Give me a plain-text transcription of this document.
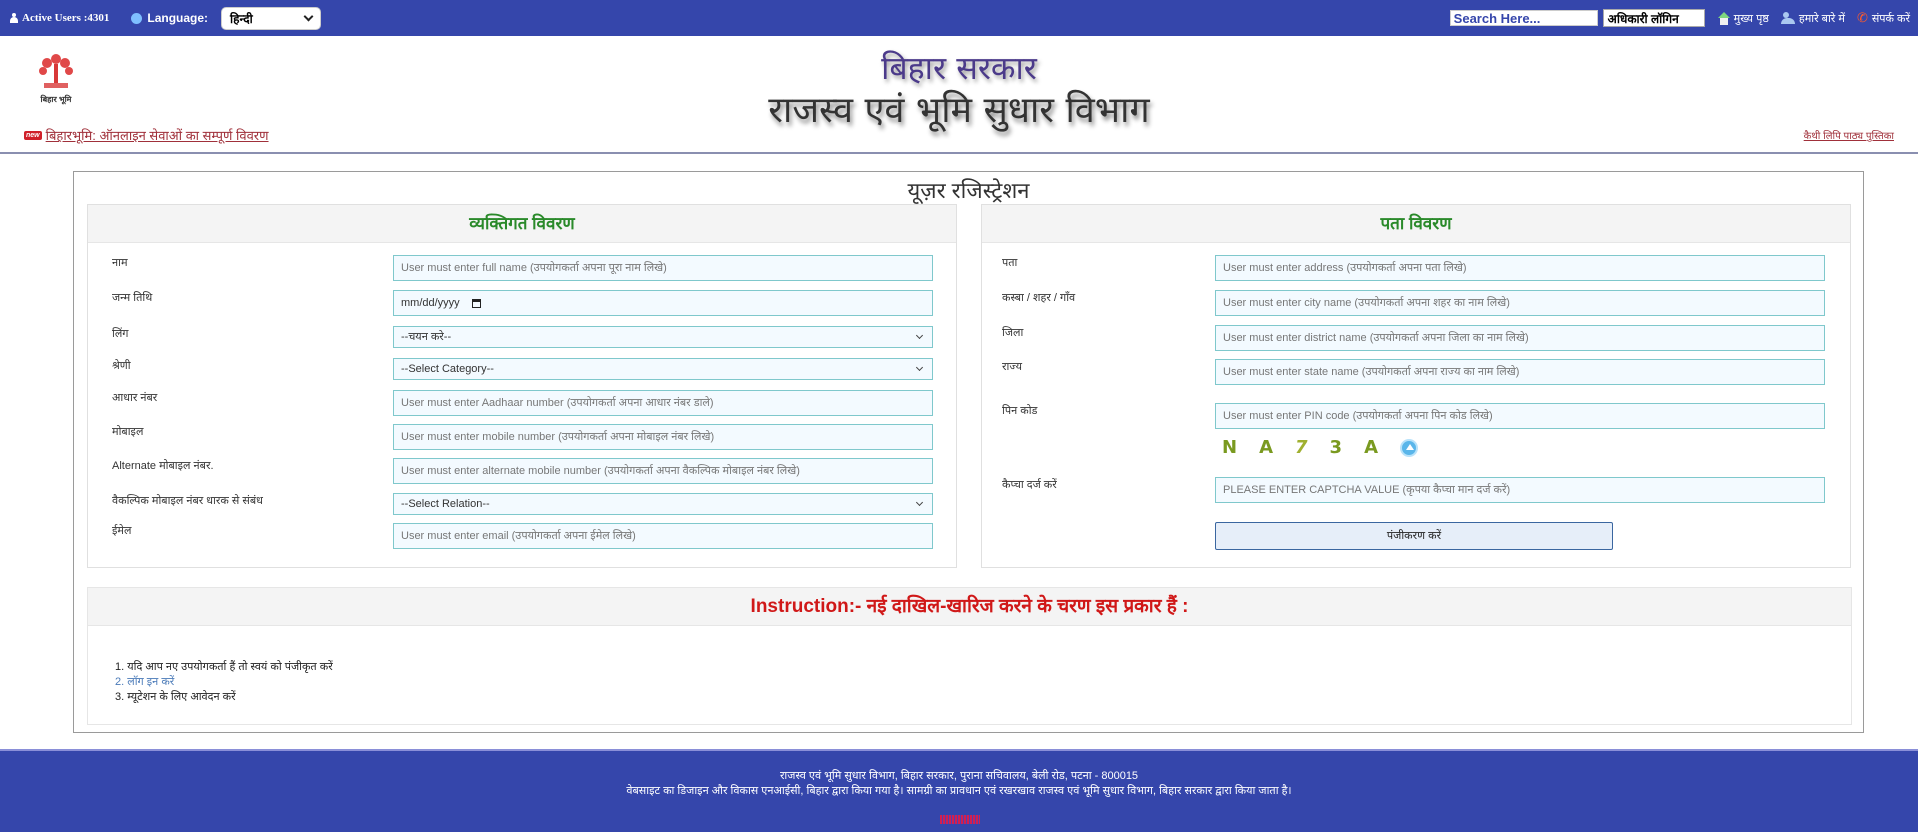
Active Users :4301	Language: हिन्दी	Search Here...	अधिकारी लॉगिन	मुख्य पृष्ठ	हमारे बारे में ✆ संपर्क करें
बिहार भूमि
बिहार सरकार
राजस्व एवं भूमि सुधार विभाग
new बिहारभूमि: ऑनलाइन सेवाओं का सम्पूर्ण विवरण	कैथी लिपि पाठ्य पुस्तिका
यूज़र रजिस्ट्रेशन
व्यक्तिगत विवरण
नाम	User must enter full name (उपयोगकर्ता अपना पूरा नाम लिखे)
जन्म तिथि	mm/dd/yyyy
लिंग	--चयन करे--
श्रेणी	--Select Category--
आधार नंबर	User must enter Aadhaar number (उपयोगकर्ता अपना आधार नंबर डाले)
मोबाइल	User must enter mobile number (उपयोगकर्ता अपना मोबाइल नंबर लिखे)
Alternate मोबाइल नंबर.	User must enter alternate mobile number (उपयोगकर्ता अपना वैकल्पिक मोबाइल नंबर लिखे)
वैकल्पिक मोबाइल नंबर धारक से संबंध	--Select Relation--
ईमेल	User must enter email (उपयोगकर्ता अपना ईमेल लिखे)
पता विवरण
पता	User must enter address (उपयोगकर्ता अपना पता लिखे)
कस्बा / शहर / गाँव	User must enter city name (उपयोगकर्ता अपना शहर का नाम लिखे)
जिला	User must enter district name (उपयोगकर्ता अपना जिला का नाम लिखे)
राज्य	User must enter state name (उपयोगकर्ता अपना राज्य का नाम लिखे)
पिन कोड	User must enter PIN code (उपयोगकर्ता अपना पिन कोड लिखे)
N A 7 3 A
कैप्चा दर्ज करें	PLEASE ENTER CAPTCHA VALUE (कृपया कैप्चा मान दर्ज करें)
पंजीकरण करें
Instruction:- नई दाखिल-खारिज करने के चरण इस प्रकार हैं :
1. यदि आप नए उपयोगकर्ता हैं तो स्वयं को पंजीकृत करें
2. लॉग इन करें
3. म्यूटेशन के लिए आवेदन करें
राजस्व एवं भूमि सुधार विभाग, बिहार सरकार, पुराना सचिवालय, बेली रोड, पटना - 800015
वेबसाइट का डिजाइन और विकास एनआईसी, बिहार द्वारा किया गया है। सामग्री का प्रावधान एवं रखरखाव राजस्व एवं भूमि सुधार विभाग, बिहार सरकार द्वारा किया जाता है।
